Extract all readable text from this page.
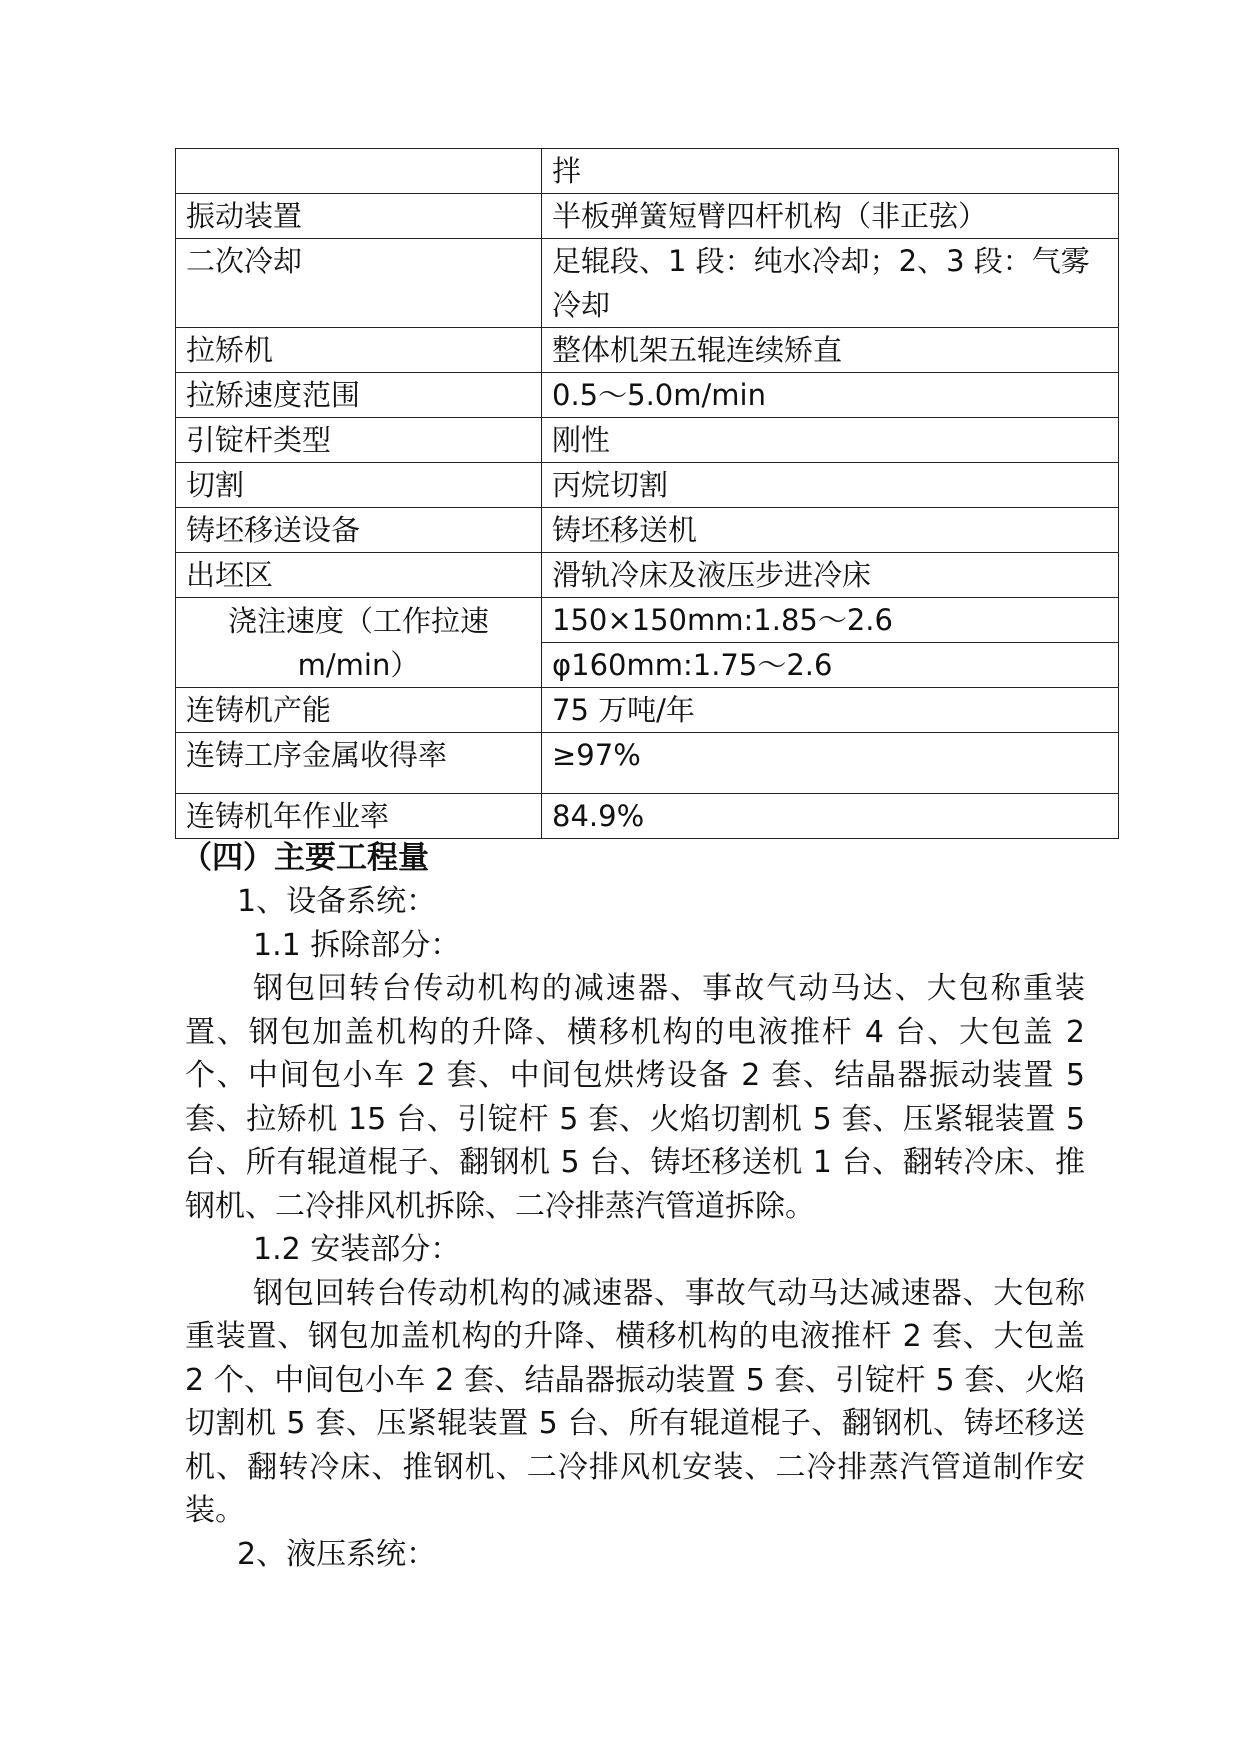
	拌
振动装置	半板弹簧短臂四杆机构（非正弦）
二次冷却	足辊段、1 段：纯水冷却；2、3 段：气雾冷却
拉矫机	整体机架五辊连续矫直
拉矫速度范围	0.5～5.0m/min
引锭杆类型	刚性
切割	丙烷切割
铸坯移送设备	铸坯移送机
出坯区	滑轨冷床及液压步进冷床
浇注速度（工作拉速 m/min）	150×150mm:1.85～2.6
	φ160mm:1.75～2.6
连铸机产能	75 万吨/年
连铸工序金属收得率	≥97%
连铸机年作业率	84.9%
（四）主要工程量

1、设备系统：

1.1 拆除部分：

钢包回转台传动机构的减速器、事故气动马达、大包称重装置、钢包加盖机构的升降、横移机构的电液推杆 4 台、大包盖 2 个、中间包小车 2 套、中间包烘烤设备 2 套、结晶器振动装置 5 套、拉矫机 15 台、引锭杆 5 套、火焰切割机 5 套、压紧辊装置 5 台、所有辊道棍子、翻钢机 5 台、铸坯移送机 1 台、翻转冷床、推钢机、二冷排风机拆除、二冷排蒸汽管道拆除。

1.2 安装部分：

钢包回转台传动机构的减速器、事故气动马达减速器、大包称重装置、钢包加盖机构的升降、横移机构的电液推杆 2 套、大包盖 2 个、中间包小车 2 套、结晶器振动装置 5 套、引锭杆 5 套、火焰切割机 5 套、压紧辊装置 5 台、所有辊道棍子、翻钢机、铸坯移送机、翻转冷床、推钢机、二冷排风机安装、二冷排蒸汽管道制作安装。

2、液压系统：
